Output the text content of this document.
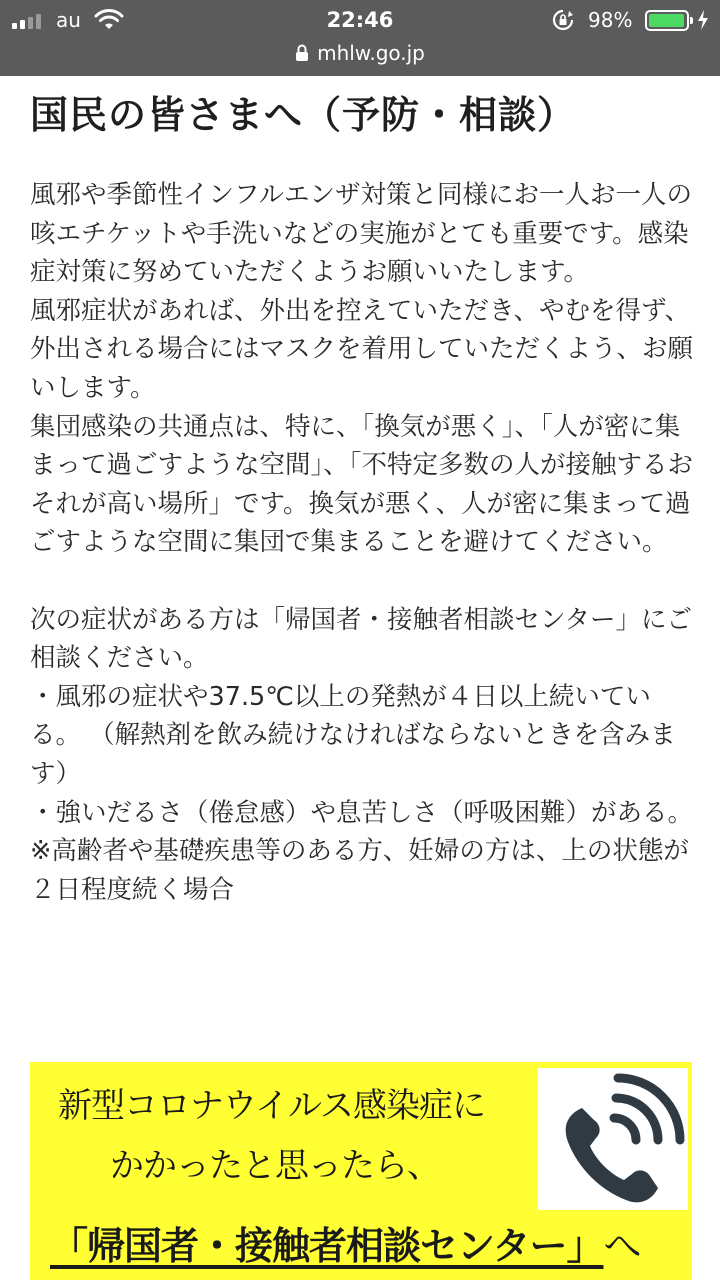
au	22:46	98%
mhlw.go.jp
国民の皆さまへ（予防・相談）

風邪や季節性インフルエンザ対策と同様にお一人お一人の咳エチケットや手洗いなどの実施がとても重要です。感染症対策に努めていただくようお願いいたします。

風邪症状があれば、外出を控えていただき、やむを得ず、外出される場合にはマスクを着用していただくよう、お願いします。

集団感染の共通点は、特に、「換気が悪く」、「人が密に集まって過ごすような空間」、「不特定多数の人が接触するおそれが高い場所」です。換気が悪く、人が密に集まって過ごすような空間に集団で集まることを避けてください。

次の症状がある方は「帰国者・接触者相談センター」にご相談ください。

・風邪の症状や37.5℃以上の発熱が４日以上続いている。 （解熱剤を飲み続けなければならないときを含みます）

・強いだるさ（倦怠感）や息苦しさ（呼吸困難）がある。

※高齢者や基礎疾患等のある方、妊婦の方は、上の状態が２日程度続く場合

新型コロナウイルス感染症に
かかったと思ったら、
「帰国者・接触者相談センター」へ
